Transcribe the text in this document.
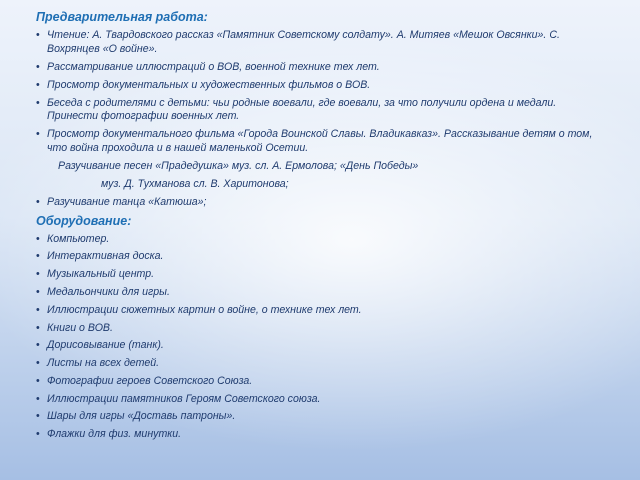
Предварительная работа:
• Чтение: А. Твардовского рассказ «Памятник Советскому солдату». А. Митяев «Мешок Овсянки». С. Вохрянцев «О войне».
• Рассматривание иллюстраций о ВОВ, военной технике тех лет.
• Просмотр документальных и художественных фильмов о ВОВ.
• Беседа с родителями с детьми: чьи родные воевали, где воевали, за что получили ордена и медали. Принести фотографии военных лет.
• Просмотр документального фильма «Города Воинской Славы. Владикавказ». Рассказывание детям о том, что война проходила и в нашей маленькой Осетии.
Разучивание песен «Прадедушка» муз. сл. А. Ермолова; «День Победы»
муз. Д. Тухманова сл. В. Харитонова;
• Разучивание танца «Катюша»;
Оборудование:
• Компьютер.
• Интерактивная доска.
• Музыкальный центр.
• Медальончики для игры.
• Иллюстрации сюжетных картин о войне, о технике тех лет.
• Книги о ВОВ.
• Дорисовывание (танк).
• Листы на всех детей.
• Фотографии героев Советского Союза.
• Иллюстрации памятников Героям Советского союза.
• Шары для игры «Доставь патроны».
• Флажки для физ. минутки.
